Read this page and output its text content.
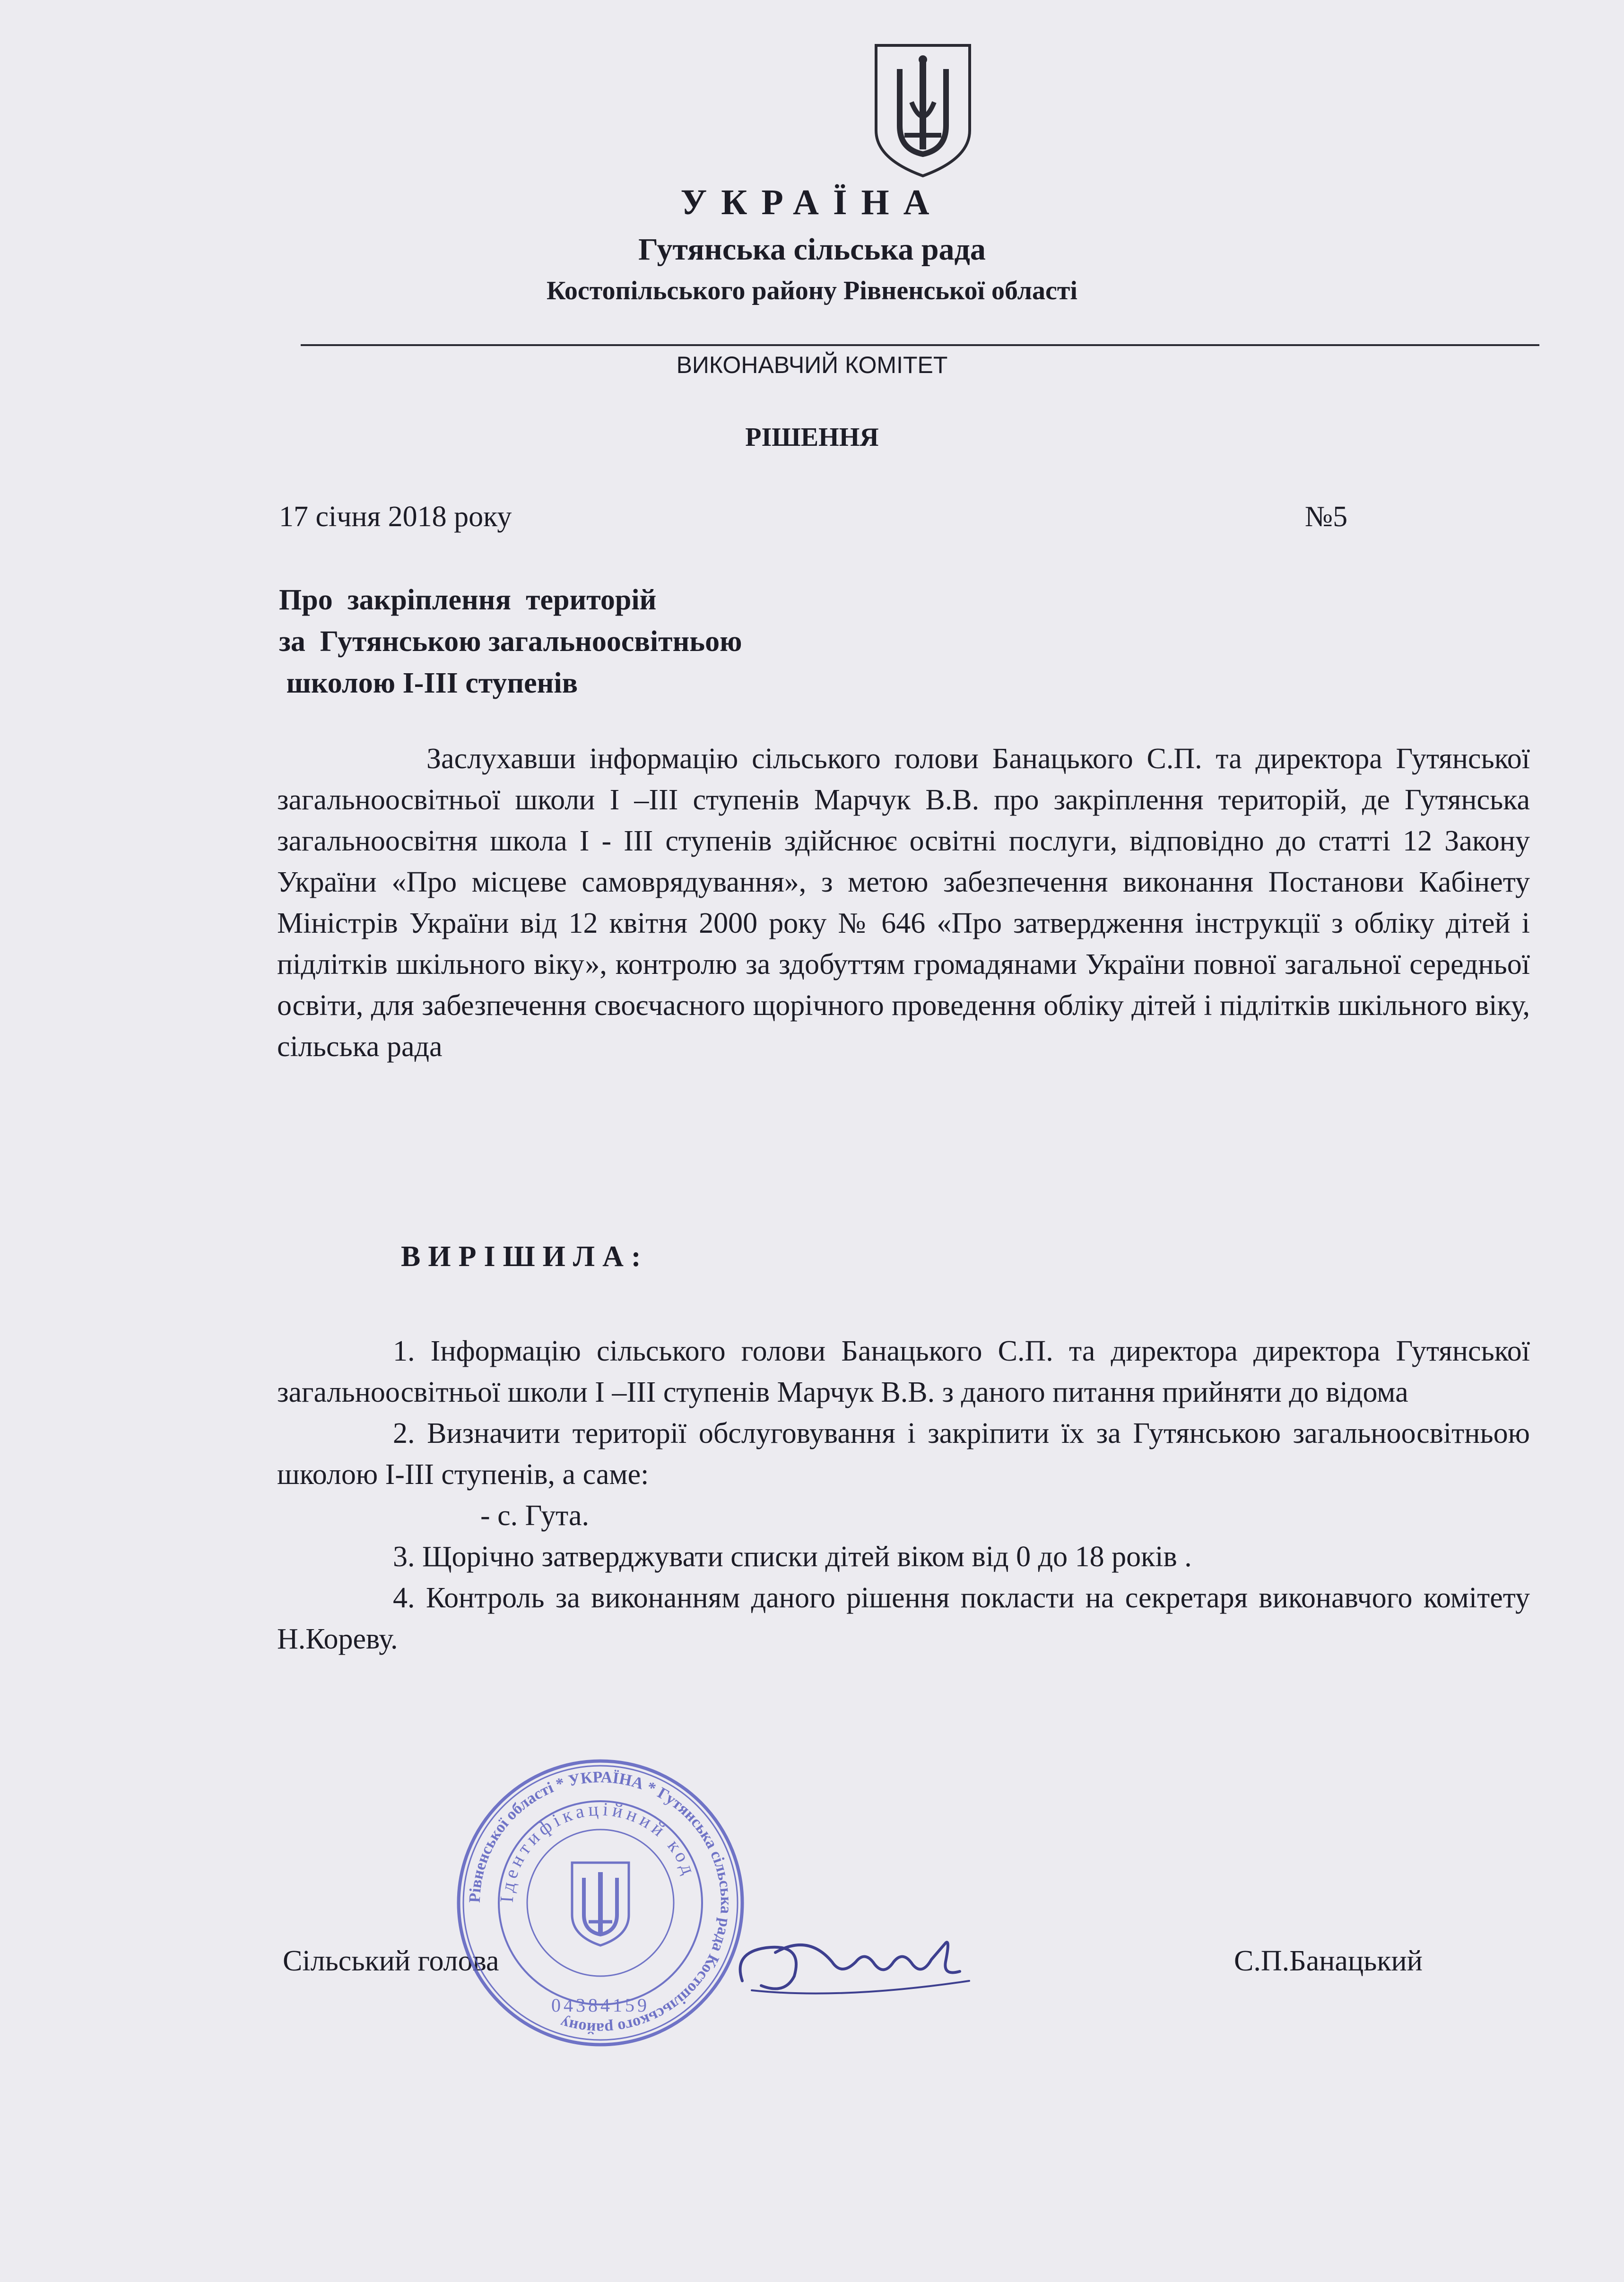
УКРАЇНА
Гутянська сільська рада
Костопільського району Рівненської області
ВИКОНАВЧИЙ КОМІТЕТ
РІШЕННЯ
17 січня 2018 року	№5
Про  закріплення  територій
за  Гутянською загальноосвітньою
школою І-ІІІ ступенів

Заслухавши інформацію сільського голови Банацького С.П. та директора Гутянської загальноосвітньої школи І –ІІІ ступенів Марчук В.В. про закріплення територій, де Гутянська загальноосвітня школа І - ІІІ ступенів здійснює освітні послуги, відповідно до статті 12 Закону України «Про місцеве самоврядування», з метою забезпечення виконання Постанови Кабінету Міністрів України від 12 квітня 2000 року № 646 «Про затвердження інструкції з обліку дітей і підлітків шкільного віку», контролю за здобуттям громадянами України повної загальної середньої освіти, для забезпечення своєчасного щорічного проведення обліку дітей і підлітків шкільного віку, сільська рада

ВИРІШИЛА:

1. Інформацію сільського голови Банацького С.П. та директора директора Гутянської загальноосвітньої школи І –ІІІ ступенів Марчук В.В. з даного питання прийняти до відома

2. Визначити території обслуговування і закріпити їх за Гутянською загальноосвітньою школою І-ІІІ ступенів, а саме:

- с. Гута.

3. Щорічно затверджувати списки дітей віком від 0 до 18 років .

4. Контроль за виконанням даного рішення покласти на секретаря виконавчого комітету Н.Кореву.

Сільський голова	С.П.Банацький
Рівненської області * УКРАЇНА * Гутянська сільська рада Костопільського району
Ідентифікаційний код
04384159
